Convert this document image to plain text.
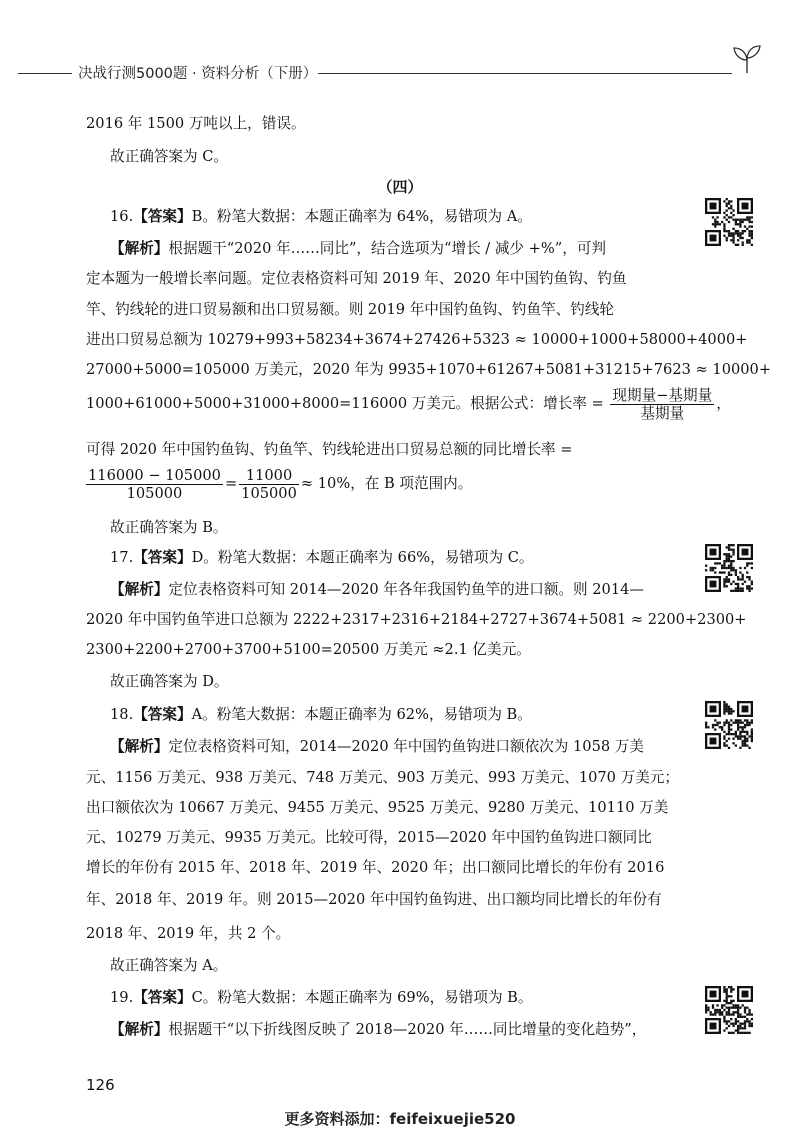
决战行测5000题 · 资料分析（下册）
2016 年 1500 万吨以上，错误。
故正确答案为 C。
（四）
16.【答案】B。粉笔大数据：本题正确率为 64%，易错项为 A。
【解析】根据题干“2020 年……同比”，结合选项为“增长 / 减少 +%”，可判
定本题为一般增长率问题。定位表格资料可知 2019 年、2020 年中国钓鱼钩、钓鱼
竿、钓线轮的进口贸易额和出口贸易额。则 2019 年中国钓鱼钩、钓鱼竿、钓线轮
进出口贸易总额为 10279+993+58234+3674+27426+5323 ≈ 10000+1000+58000+4000+
27000+5000=105000 万美元，2020 年为 9935+1070+61267+5081+31215+7623 ≈ 10000+
1000+61000+5000+31000+8000=116000 万美元。根据公式：增长率 = $\frac{\text{现期量−基期量}}{\text{基期量}}$ ，
可得 2020 年中国钓鱼钩、钓鱼竿、钓线轮进出口贸易总额的同比增长率 =
$\frac{116000 - 105000}{105000} = \frac{11000}{105000} \approx 10\%$，在 B 项范围内。
故正确答案为 B。
17.【答案】D。粉笔大数据：本题正确率为 66%，易错项为 C。
【解析】定位表格资料可知 2014—2020 年各年我国钓鱼竿的进口额。则 2014—
2020 年中国钓鱼竿进口总额为 2222+2317+2316+2184+2727+3674+5081 ≈ 2200+2300+
2300+2200+2700+3700+5100=20500 万美元 ≈2.1 亿美元。
故正确答案为 D。
18.【答案】A。粉笔大数据：本题正确率为 62%，易错项为 B。
【解析】定位表格资料可知，2014—2020 年中国钓鱼钩进口额依次为 1058 万美
元、1156 万美元、938 万美元、748 万美元、903 万美元、993 万美元、1070 万美元；
出口额依次为 10667 万美元、9455 万美元、9525 万美元、9280 万美元、10110 万美
元、10279 万美元、9935 万美元。比较可得，2015—2020 年中国钓鱼钩进口额同比
增长的年份有 2015 年、2018 年、2019 年、2020 年；出口额同比增长的年份有 2016
年、2018 年、2019 年。则 2015—2020 年中国钓鱼钩进、出口额均同比增长的年份有
2018 年、2019 年，共 2 个。
故正确答案为 A。
19.【答案】C。粉笔大数据：本题正确率为 69%，易错项为 B。
【解析】根据题干“以下折线图反映了 2018—2020 年……同比增量的变化趋势”，
126
更多资料添加：feifeixuejie520
